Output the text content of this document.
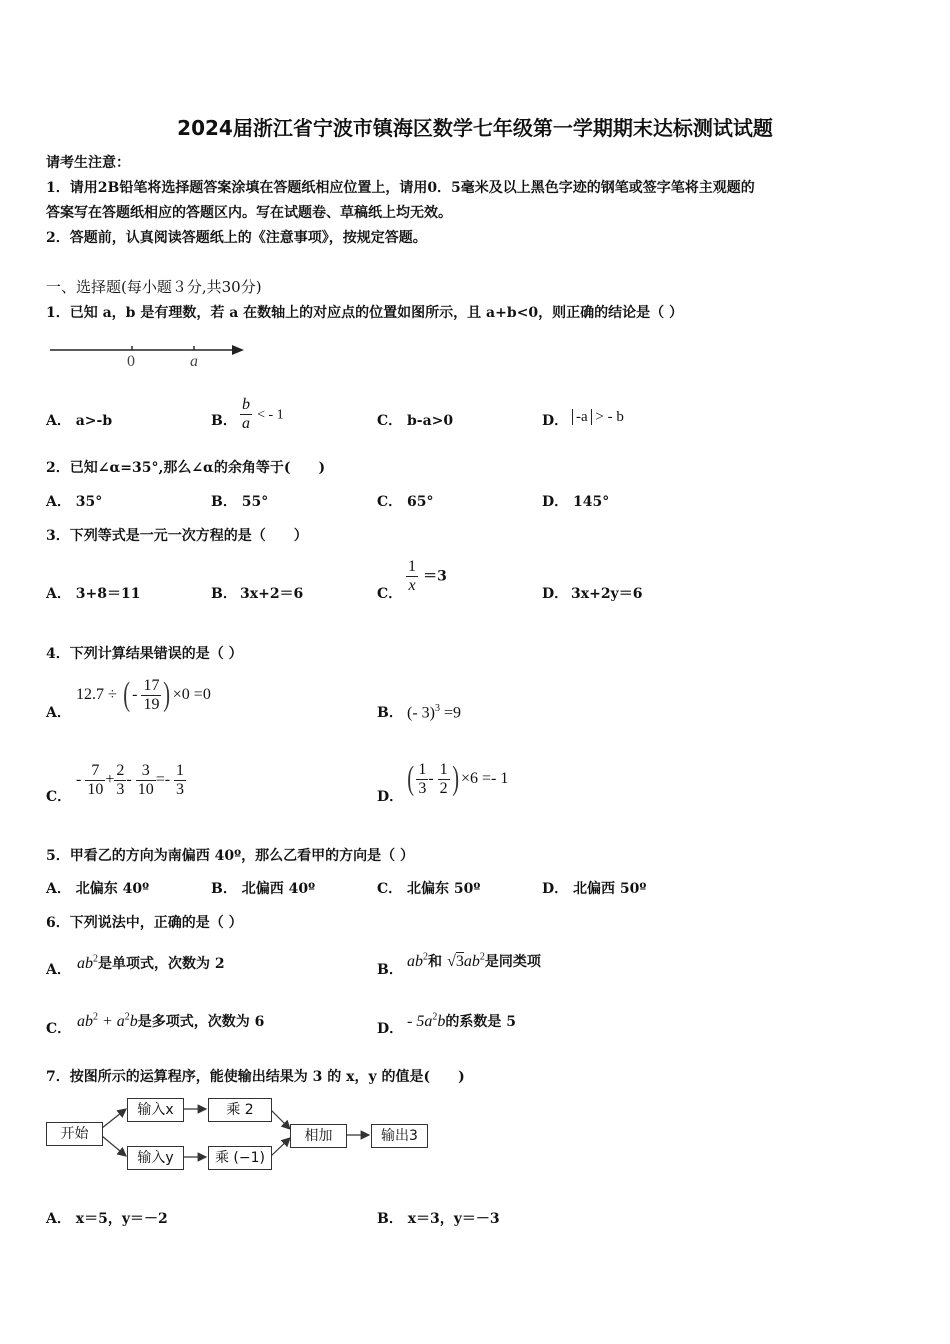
2024届浙江省宁波市镇海区数学七年级第一学期期末达标测试试题
请考生注意：
1．请用2B铅笔将选择题答案涂填在答题纸相应位置上，请用0．5毫米及以上黑色字迹的钢笔或签字笔将主观题的
答案写在答题纸相应的答题区内。写在试题卷、草稿纸上均无效。
2．答题前，认真阅读答题纸上的《注意事项》，按规定答题。
一、选择题(每小题３分,共30分)
1．已知 a，b 是有理数，若 a 在数轴上的对应点的位置如图所示，且 a+b<0，则正确的结论是（ ）
0	a
A． a>-b	B． $\frac{b}{a}$ < - 1	C． b-a>0	D． -a > - b
2．已知∠α=35°,那么∠α的余角等于(　　)
A． 35°	B． 55°	C． 65°	D． 145°
3．下列等式是一元一次方程的是（　　）
A． 3+8＝11	B． 3x+2＝6	C． $\frac{1}{x} =3$
D． 3x+2y＝6
4．下列计算结果错误的是（ ）
A．
12.7 ÷ ( - $\frac{17}{19}$ ) ×0 =0
B． (- 3)$^3$ =9
C．
- $\frac{7}{10} + \frac{2}{3} - \frac{3}{10} =- \frac{1}{3}$	D． ( $\frac{1}{3} - \frac{1}{2}$ ) ×6 =- 1
5．甲看乙的方向为南偏西 40º，那么乙看甲的方向是（ ）
A． 北偏东 40º	B． 北偏西 40º	C． 北偏东 50º	D． 北偏西 50º
6．下列说法中，正确的是（ ）
A． $ab^2$是单项式，次数为 2	B． $ab^2$和 $√3ab^2$是同类项
C． $ab^2 + a^2b$是多项式，次数为 6	D． - $5a^2b$的系数是 5
7．按图所示的运算程序，能使输出结果为 3 的 x，y 的值是(　　)
开始
输入x	乘 2
输入y	乘 (−1)
相加	输出3
A． x＝5，y＝－2	B． x＝3，y＝－3
